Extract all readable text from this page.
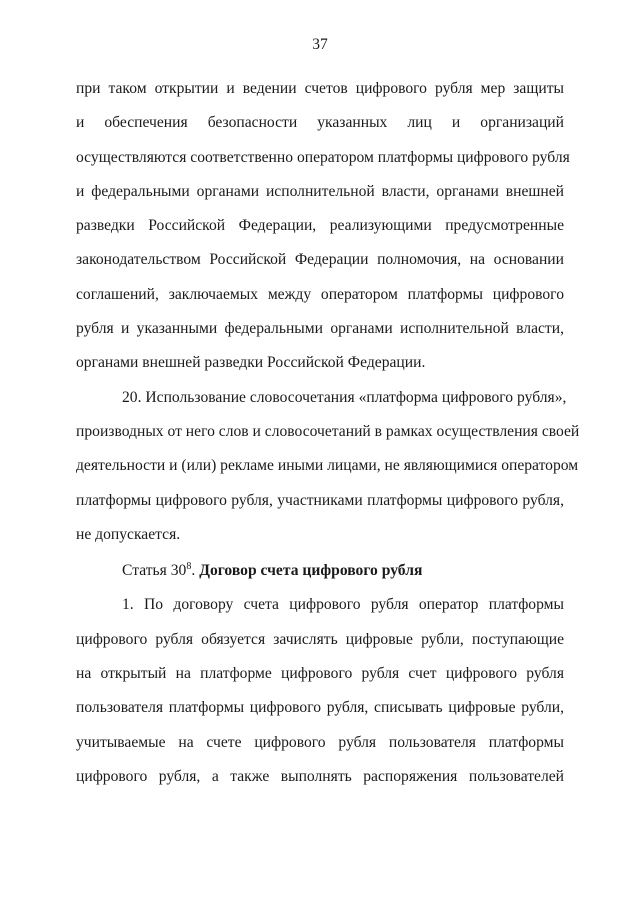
37
при таком открытии и ведении счетов цифрового рубля мер защиты
и обеспечения безопасности указанных лиц и организаций
осуществляются соответственно оператором платформы цифрового рубля
и федеральными органами исполнительной власти, органами внешней
разведки Российской Федерации, реализующими предусмотренные
законодательством Российской Федерации полномочия, на основании
соглашений, заключаемых между оператором платформы цифрового
рубля и указанными федеральными органами исполнительной власти,
органами внешней разведки Российской Федерации.
20. Использование словосочетания «платформа цифрового рубля»,
производных от него слов и словосочетаний в рамках осуществления своей
деятельности и (или) рекламе иными лицами, не являющимися оператором
платформы цифрового рубля, участниками платформы цифрового рубля,
не допускается.
Статья $30^8$. Договор счета цифрового рубля
1. По договору счета цифрового рубля оператор платформы
цифрового рубля обязуется зачислять цифровые рубли, поступающие
на открытый на платформе цифрового рубля счет цифрового рубля
пользователя платформы цифрового рубля, списывать цифровые рубли,
учитываемые на счете цифрового рубля пользователя платформы
цифрового рубля, а также выполнять распоряжения пользователей
